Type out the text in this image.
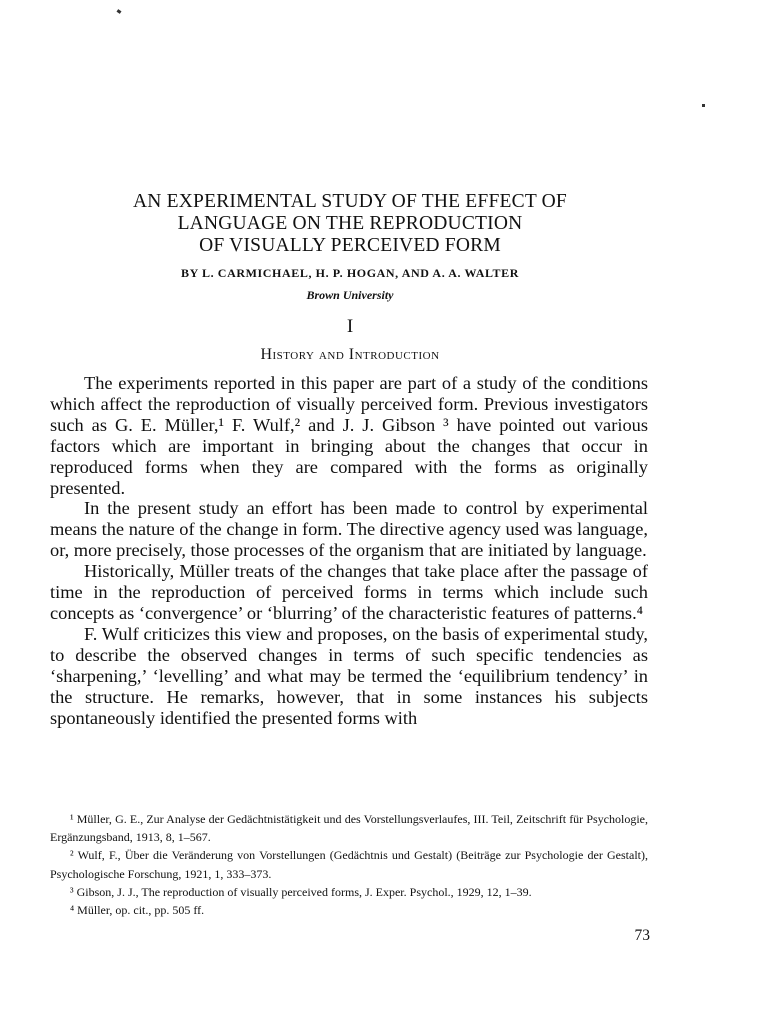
AN EXPERIMENTAL STUDY OF THE EFFECT OF
LANGUAGE ON THE REPRODUCTION
OF VISUALLY PERCEIVED FORM
BY L. CARMICHAEL, H. P. HOGAN, AND A. A. WALTER
Brown University
I
History and Introduction

The experiments reported in this paper are part of a study of the conditions which affect the reproduction of visually perceived form. Previous investigators such as G. E. Müller,¹ F. Wulf,² and J. J. Gibson ³ have pointed out various factors which are important in bringing about the changes that occur in reproduced forms when they are compared with the forms as originally presented.

In the present study an effort has been made to control by experimental means the nature of the change in form. The directive agency used was language, or, more precisely, those processes of the organism that are initiated by language.

Historically, Müller treats of the changes that take place after the passage of time in the reproduction of perceived forms in terms which include such concepts as ‘convergence’ or ‘blurring’ of the characteristic features of patterns.⁴

F. Wulf criticizes this view and proposes, on the basis of experimental study, to describe the observed changes in terms of such specific tendencies as ‘sharpening,’ ‘levelling’ and what may be termed the ‘equilibrium tendency’ in the structure. He remarks, however, that in some instances his subjects spontaneously identified the presented forms with

¹ Müller, G. E., Zur Analyse der Gedächtnistätigkeit und des Vorstellungsverlaufes, III. Teil, Zeitschrift für Psychologie, Ergänzungsband, 1913, 8, 1–567.

² Wulf, F., Über die Veränderung von Vorstellungen (Gedächtnis und Gestalt) (Beiträge zur Psychologie der Gestalt), Psychologische Forschung, 1921, 1, 333–373.

³ Gibson, J. J., The reproduction of visually perceived forms, J. Exper. Psychol., 1929, 12, 1–39.

⁴ Müller, op. cit., pp. 505 ff.

73
